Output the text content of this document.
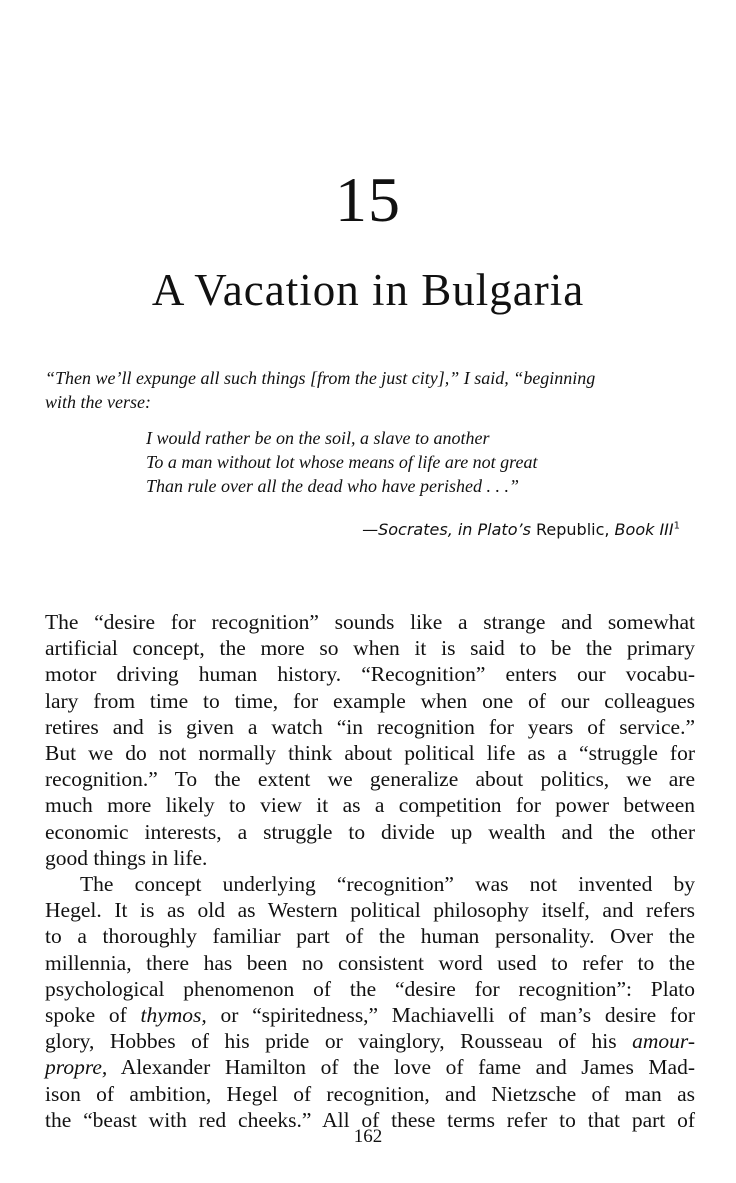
15
A Vacation in Bulgaria
“Then we’ll expunge all such things [from the just city],” I said, “beginning
with the verse:
I would rather be on the soil, a slave to another
To a man without lot whose means of life are not great
Than rule over all the dead who have perished . . .”
—Socrates, in Plato’s Republic, Book III$^1$
The “desire for recognition” sounds like a strange and somewhat
artificial concept, the more so when it is said to be the primary
motor driving human history. “Recognition” enters our vocabu-
lary from time to time, for example when one of our colleagues
retires and is given a watch “in recognition for years of service.”
But we do not normally think about political life as a “struggle for
recognition.” To the extent we generalize about politics, we are
much more likely to view it as a competition for power between
economic interests, a struggle to divide up wealth and the other
good things in life.
The concept underlying “recognition” was not invented by
Hegel. It is as old as Western political philosophy itself, and refers
to a thoroughly familiar part of the human personality. Over the
millennia, there has been no consistent word used to refer to the
psychological phenomenon of the “desire for recognition”: Plato
spoke of thymos, or “spiritedness,” Machiavelli of man’s desire for
glory, Hobbes of his pride or vainglory, Rousseau of his amour-
propre, Alexander Hamilton of the love of fame and James Mad-
ison of ambition, Hegel of recognition, and Nietzsche of man as
the “beast with red cheeks.” All of these terms refer to that part of
162
